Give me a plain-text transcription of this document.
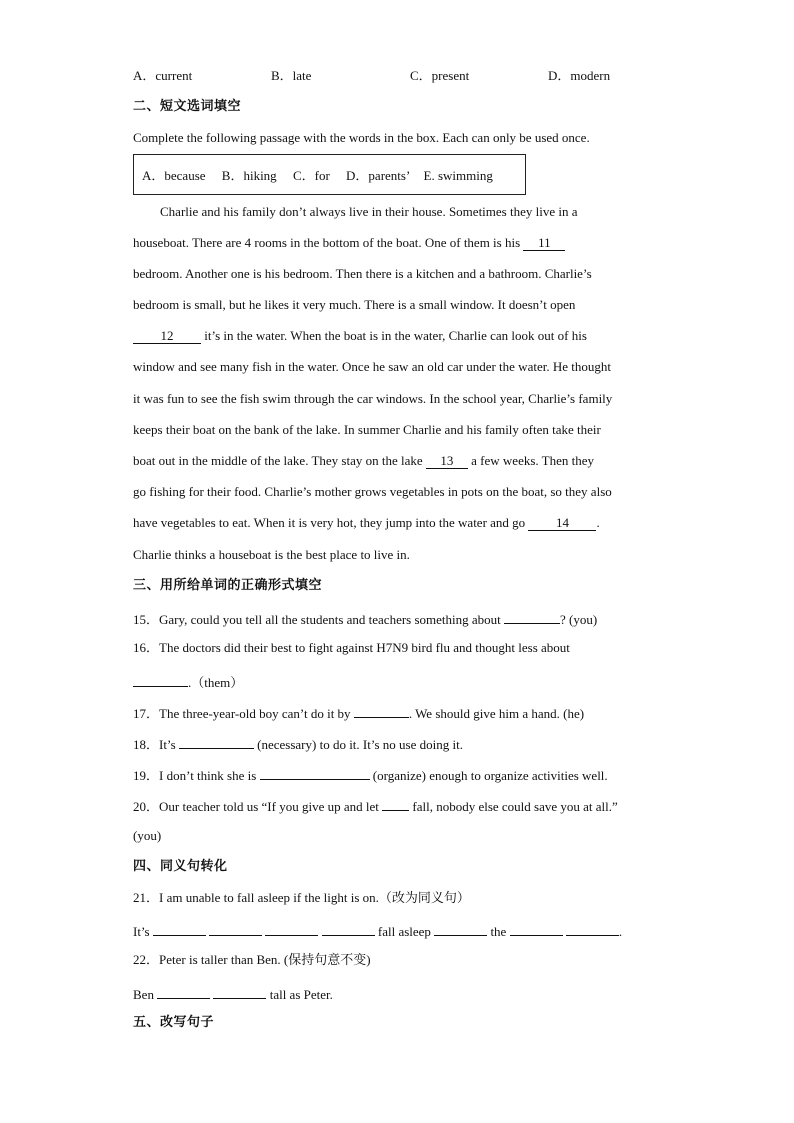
A．current	B．late	C．present	D．modern
二、短文选词填空
Complete the following passage with the words in the box. Each can only be used once.
A．because B．hiking C．for D．parents’ E. swimming
Charlie and his family don’t always live in their house. Sometimes they live in a
houseboat. There are 4 rooms in the bottom of the boat. One of them is his 11
bedroom. Another one is his bedroom. Then there is a kitchen and a bathroom. Charlie’s
bedroom is small, but he likes it very much. There is a small window. It doesn’t open
12 it’s in the water. When the boat is in the water, Charlie can look out of his
window and see many fish in the water. Once he saw an old car under the water. He thought
it was fun to see the fish swim through the car windows. In the school year, Charlie’s family
keeps their boat on the bank of the lake. In summer Charlie and his family often take their
boat out in the middle of the lake. They stay on the lake 13 a few weeks. Then they
go fishing for their food. Charlie’s mother grows vegetables in pots on the boat, so they also
have vegetables to eat. When it is very hot, they jump into the water and go 14 .
Charlie thinks a houseboat is the best place to live in.
三、用所给单词的正确形式填空
15．Gary, could you tell all the students and teachers something about	? (you)
16．The doctors did their best to fight against H7N9 bird flu and thought less about
.（them）
17．The three-year-old boy can’t do it by	. We should give him a hand. (he)
18．It’s	(necessary) to do it. It’s no use doing it.
19．I don’t think she is	(organize) enough to organize activities well.
20．Our teacher told us “If you give up and let  fall, nobody else could save you at all.”
(you)
四、同义句转化
21．I am unable to fall asleep if the light is on.（改为同义句）
It’s	fall asleep	the	.
22．Peter is taller than Ben. (保持句意不变)
Ben	tall as Peter.
五、改写句子
